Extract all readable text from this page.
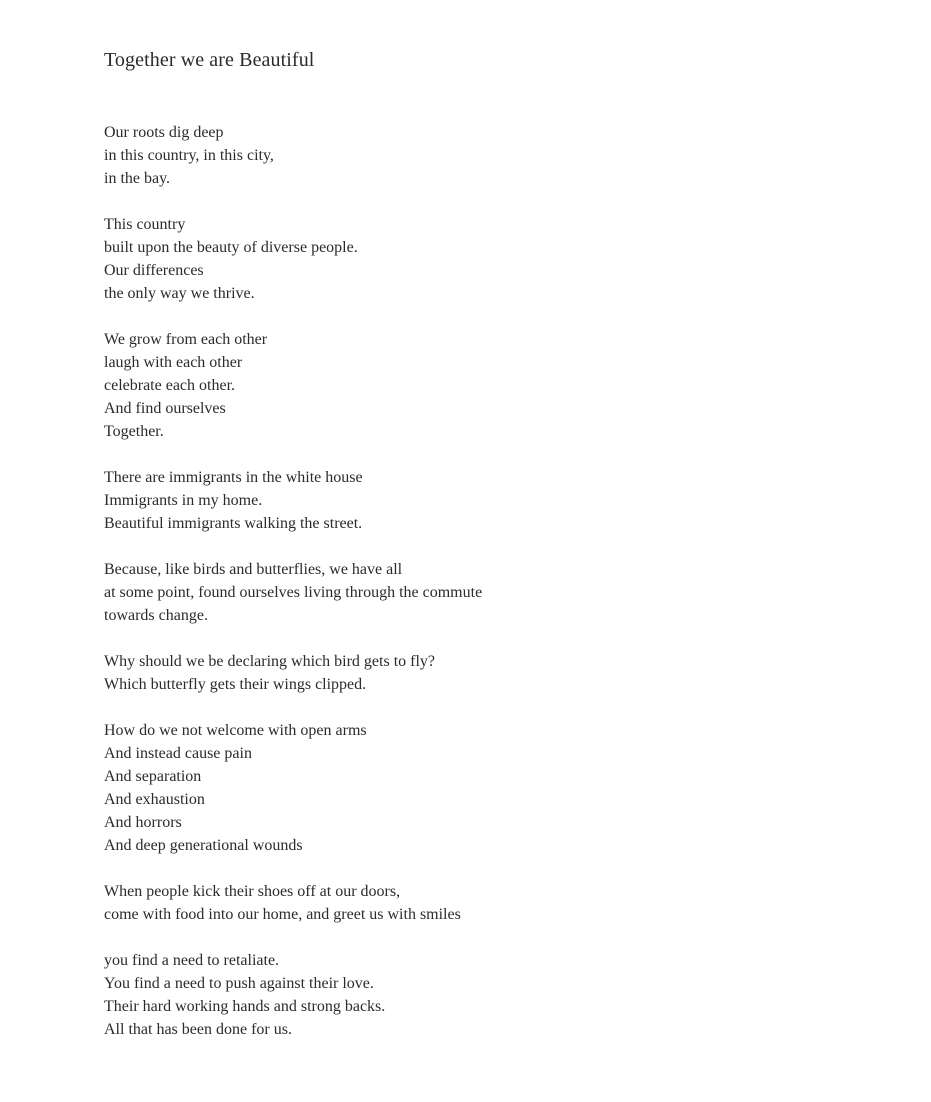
Together we are Beautiful
Our roots dig deep
in this country, in this city,
in the bay.
This country
built upon the beauty of diverse people.
Our differences
the only way we thrive.
We grow from each other
laugh with each other
celebrate each other.
And find ourselves
Together.
There are immigrants in the white house
Immigrants in my home.
Beautiful immigrants walking the street.
Because, like birds and butterflies, we have all
at some point, found ourselves living through the commute
towards change.
Why should we be declaring which bird gets to fly?
Which butterfly gets their wings clipped.
How do we not welcome with open arms
And instead cause pain
And separation
And exhaustion
And horrors
And deep generational wounds
When people kick their shoes off at our doors,
come with food into our home, and greet us with smiles
you find a need to retaliate.
You find a need to push against their love.
Their hard working hands and strong backs.
All that has been done for us.
